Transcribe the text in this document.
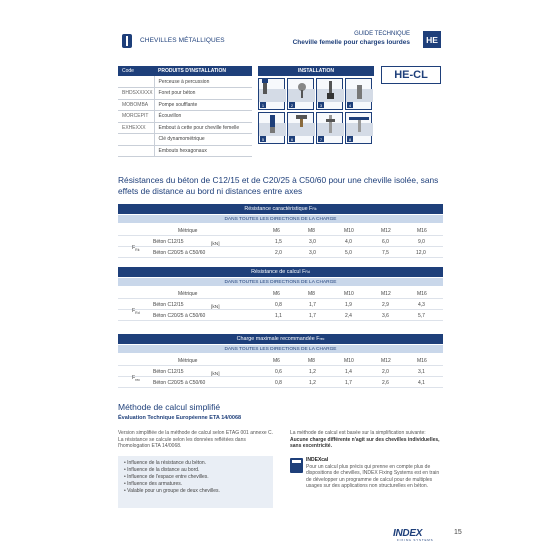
CHEVILLES MÉTALLIQUES
GUIDE TECHNIQUE
Cheville femelle pour charges lourdes	HE
Code	PRODUITS D'INSTALLATION
	Perceuse à percussion
BHDSXXXXX	Foret pour béton
MOBOMBA	Pompe soufflante
MORCEPIT	Écouvillon
EXHEXXX	Embout à cette pour cheville femelle
	Clé dynamométrique
	Embouts hexagonaux
INSTALLATION
1	2	3	4
5	6	7	8
HE-CL
Résistances du béton de C12/15 et de C20/25 à C50/60 pour une cheville isolée, sans effets de distance au bord ni distances entre axes
Résistance caractéristique F Rk
DANS TOUTES LES DIRECTIONS DE LA CHARGE
Métrique	M6	M8	M10	M12	M16
Béton C12/15	1,5	3,0	4,0	6,0	9,0
Béton C20/25 à C50/60	2,0	3,0	5,0	7,5	12,0
$F_{Rk}$
[kN]
Résistance de calcul F Rd
DANS TOUTES LES DIRECTIONS DE LA CHARGE
Métrique	M6	M8	M10	M12	M16
Béton C12/15	0,8	1,7	1,9	2,9	4,3
Béton C20/25 à C50/60	1,1	1,7	2,4	3,6	5,7
$F_{Rd}$
[kN]
Charge maximale recommandée F rec
DANS TOUTES LES DIRECTIONS DE LA CHARGE
Métrique	M6	M8	M10	M12	M16
Béton C12/15	0,6	1,2	1,4	2,0	3,1
Béton C20/25 à C50/60	0,8	1,2	1,7	2,6	4,1
$F_{rec}$
[kN]
Méthode de calcul simplifié
Évaluation Technique Européenne ETA 14/0068
Version simplifiée de la méthode de calcul selon ETAG 001 annexe C. La résistance se calcule selon les données reflétées dans l'homologation ETA 14/0068.
• Influence de la résistance du béton.
• Influence de la distance au bord.
• Influence de l'espace entre chevilles.
• Influence des armatures.
• Valable pour un groupe de deux chevilles.
La méthode de calcul est basée sur la simplification suivante:
Aucune charge différente n'agit sur des chevilles individuelles, sans excentricité.
INDEXcal
Pour un calcul plus précis qui prenne en compte plus de dispositions de chevilles, INDEX Fixing Systems est en train de développer un programme de calcul pour de multiples usages sur des applications non structurelles en béton.
INDEX
FIXING SYSTEMS
15
